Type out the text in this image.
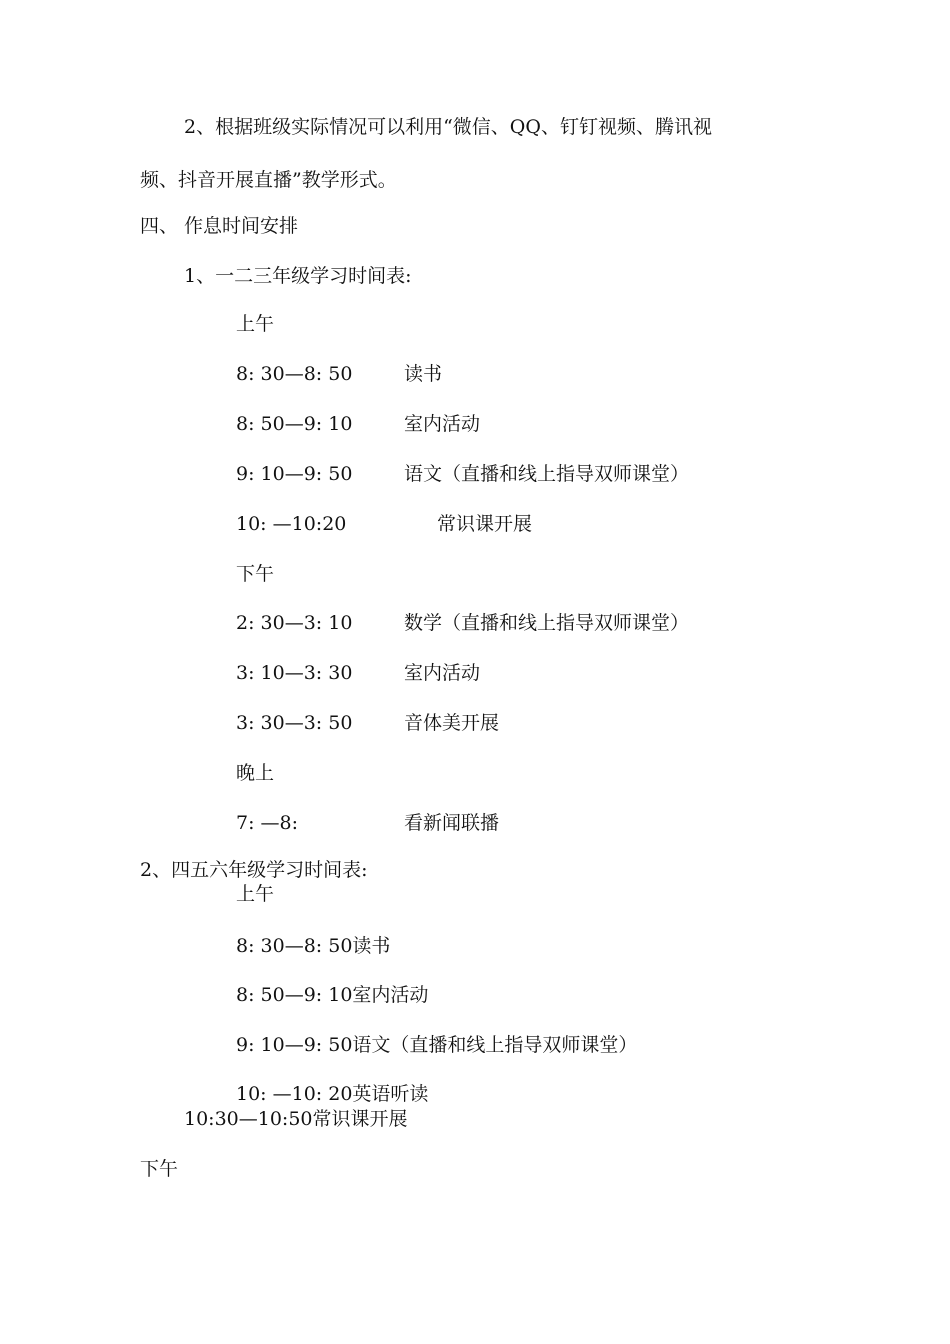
2、根据班级实际情况可以利用“微信、QQ、钉钉视频、腾讯视
频、抖音开展直播”教学形式。
四、 作息时间安排
1、一二三年级学习时间表:
上午
8: 30—8: 50	读书
8: 50—9: 10	室内活动
9: 10—9: 50	语文（直播和线上指导双师课堂）
10: —10:20	常识课开展
下午
2: 30—3: 10	数学（直播和线上指导双师课堂）
3: 10—3: 30	室内活动
3: 30—3: 50	音体美开展
晚上
7: —8:	看新闻联播
2、四五六年级学习时间表:
上午
8: 30—8: 50读书
8: 50—9: 10室内活动
9: 10—9: 50语文（直播和线上指导双师课堂）
10: —10: 20英语听读
10:30—10:50常识课开展
下午
